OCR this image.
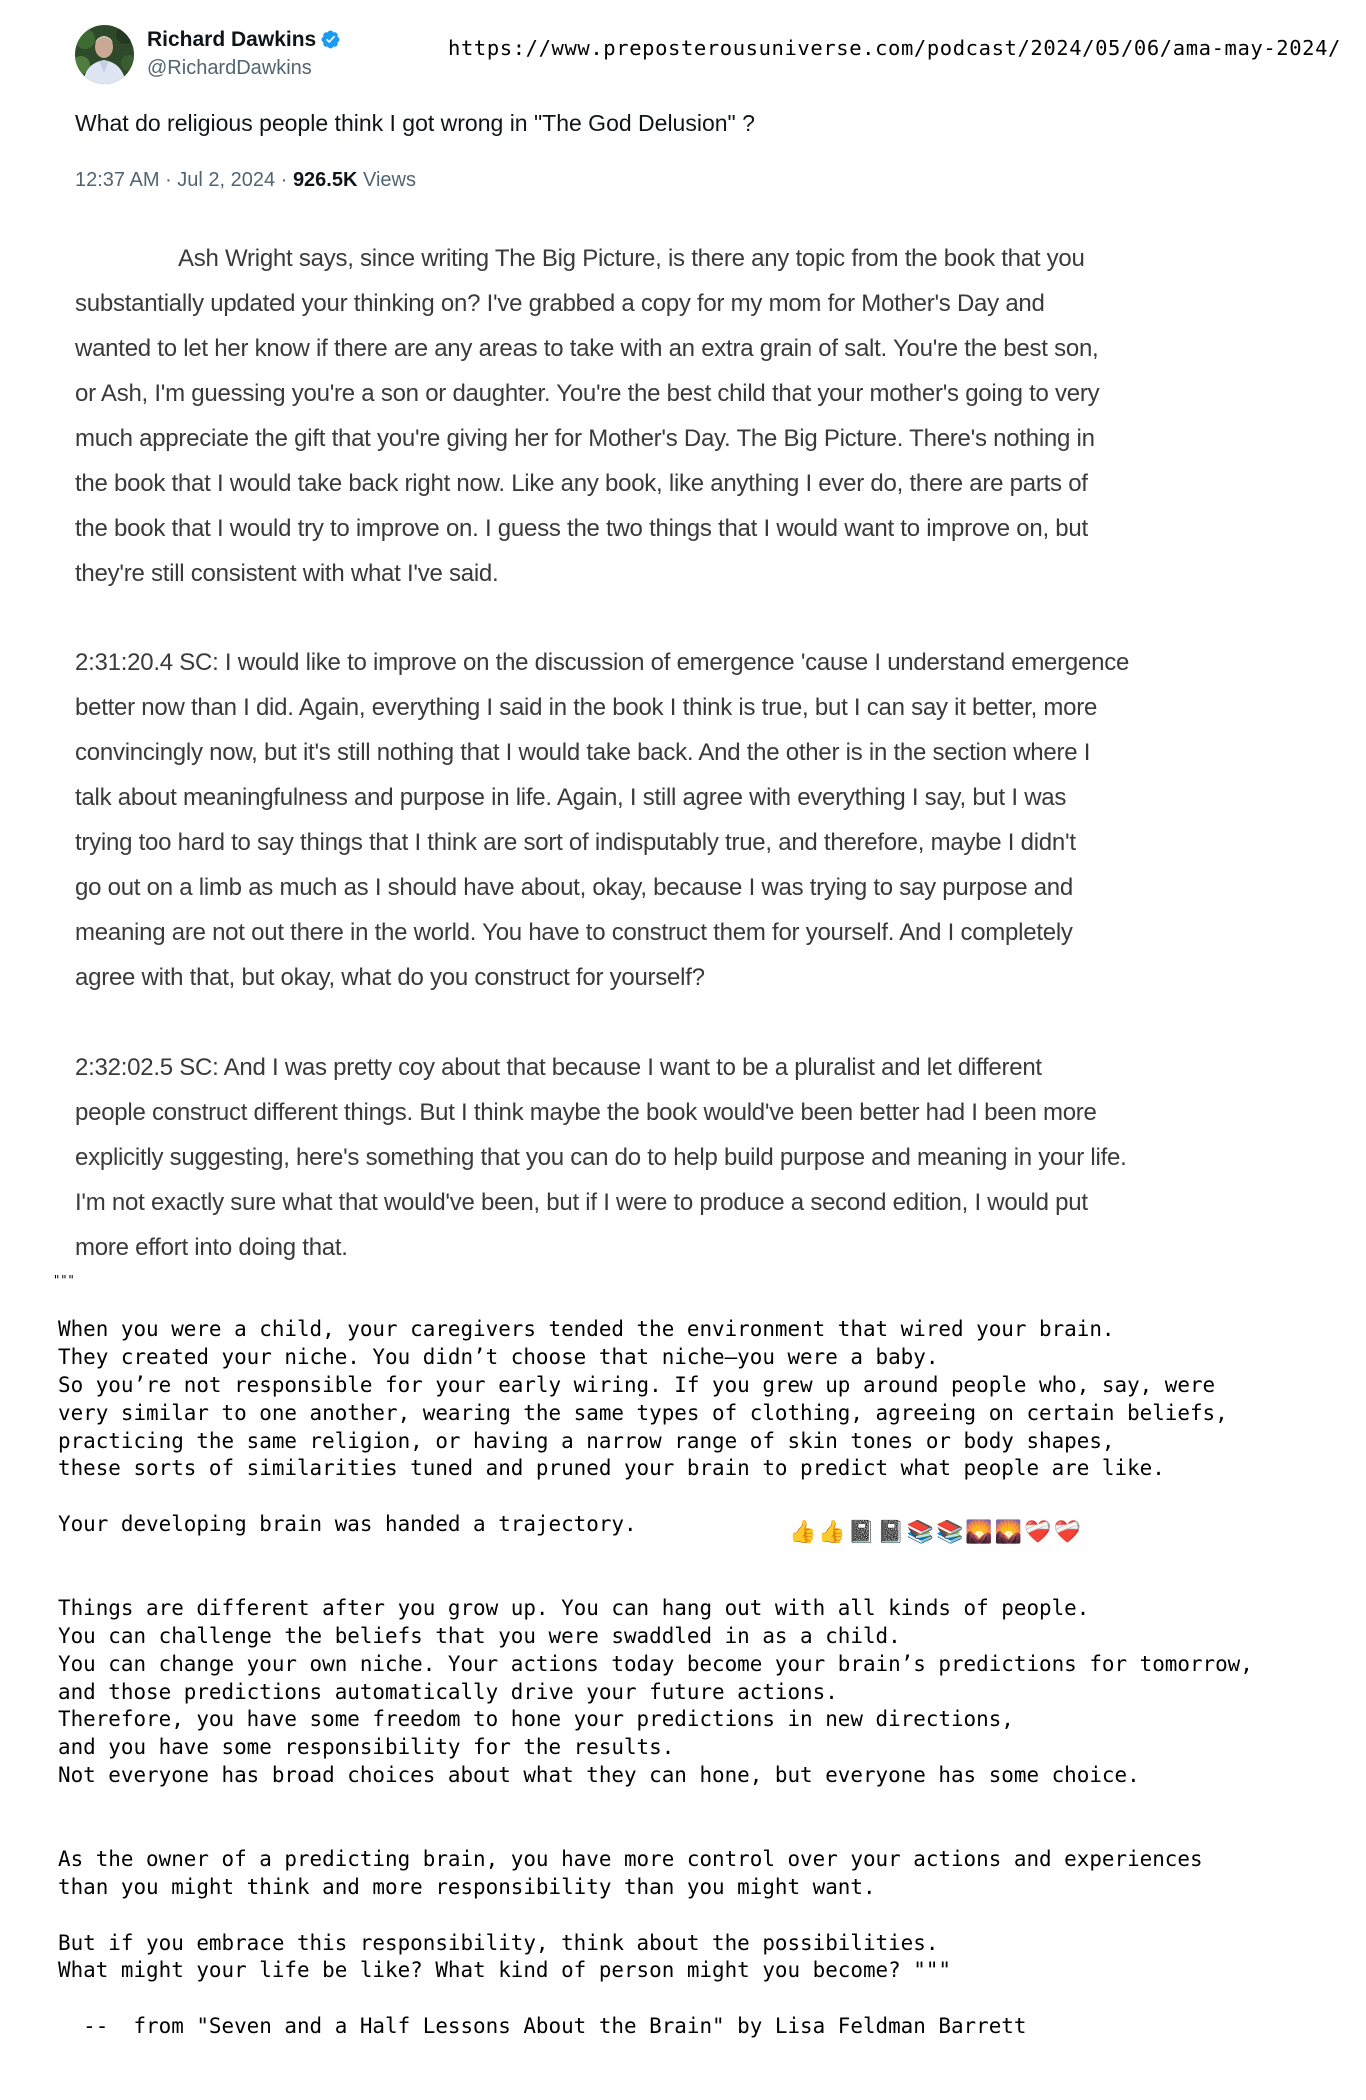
Richard Dawkins
@RichardDawkins
https://www.preposterousuniverse.com/podcast/2024/05/06/ama-may-2024/
What do religious people think I got wrong in "The God Delusion" ?
12:37 AM · Jul 2, 2024 · 926.5K Views
Ash Wright says, since writing The Big Picture, is there any topic from the book that you
substantially updated your thinking on? I've grabbed a copy for my mom for Mother's Day and
wanted to let her know if there are any areas to take with an extra grain of salt. You're the best son,
or Ash, I'm guessing you're a son or daughter. You're the best child that your mother's going to very
much appreciate the gift that you're giving her for Mother's Day. The Big Picture. There's nothing in
the book that I would take back right now. Like any book, like anything I ever do, there are parts of
the book that I would try to improve on. I guess the two things that I would want to improve on, but
they're still consistent with what I've said.
2:31:20.4 SC: I would like to improve on the discussion of emergence 'cause I understand emergence
better now than I did. Again, everything I said in the book I think is true, but I can say it better, more
convincingly now, but it's still nothing that I would take back. And the other is in the section where I
talk about meaningfulness and purpose in life. Again, I still agree with everything I say, but I was
trying too hard to say things that I think are sort of indisputably true, and therefore, maybe I didn't
go out on a limb as much as I should have about, okay, because I was trying to say purpose and
meaning are not out there in the world. You have to construct them for yourself. And I completely
agree with that, but okay, what do you construct for yourself?
2:32:02.5 SC: And I was pretty coy about that because I want to be a pluralist and let different
people construct different things. But I think maybe the book would've been better had I been more
explicitly suggesting, here's something that you can do to help build purpose and meaning in your life.
I'm not exactly sure what that would've been, but if I were to produce a second edition, I would put
more effort into doing that.
"""
When you were a child, your caregivers tended the environment that wired your brain.
They created your niche. You didn’t choose that niche—you were a baby.
So you’re not responsible for your early wiring. If you grew up around people who, say, were
very similar to one another, wearing the same types of clothing, agreeing on certain beliefs,
practicing the same religion, or having a narrow range of skin tones or body shapes,
these sorts of similarities tuned and pruned your brain to predict what people are like.
Your developing brain was handed a trajectory.
Things are different after you grow up. You can hang out with all kinds of people.
You can challenge the beliefs that you were swaddled in as a child.
You can change your own niche. Your actions today become your brain’s predictions for tomorrow,
and those predictions automatically drive your future actions.
Therefore, you have some freedom to hone your predictions in new directions,
and you have some responsibility for the results.
Not everyone has broad choices about what they can hone, but everyone has some choice.
As the owner of a predicting brain, you have more control over your actions and experiences
than you might think and more responsibility than you might want.
But if you embrace this responsibility, think about the possibilities.
What might your life be like? What kind of person might you become? """
--  from "Seven and a Half Lessons About the Brain" by Lisa Feldman Barrett
👍👍📓📓📚📚🌄🌄❤️‍🩹❤️‍🩹
